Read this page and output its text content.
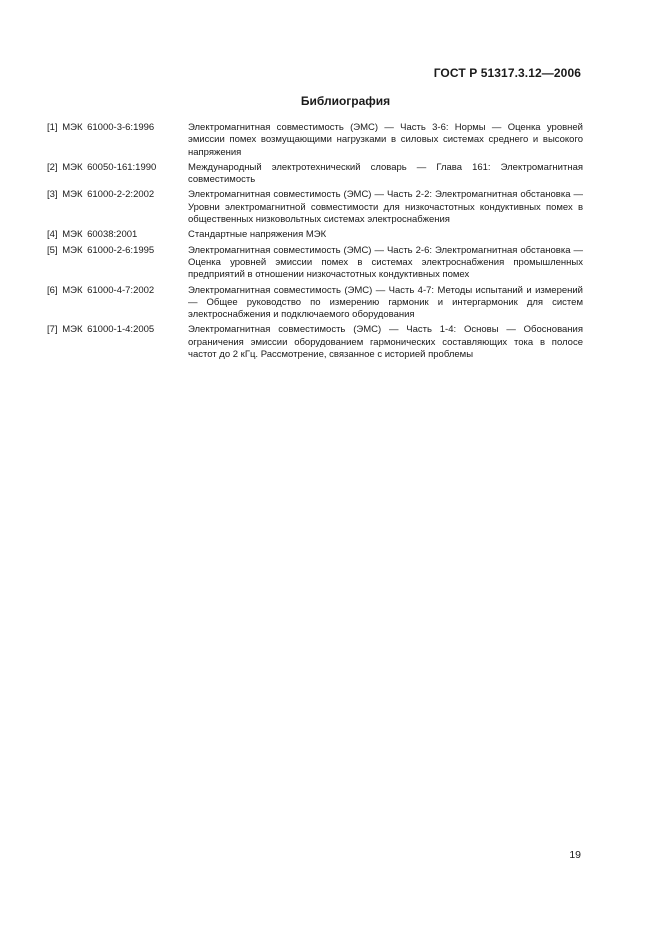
ГОСТ Р 51317.3.12—2006
Библиография
[1] МЭК 61000-3-6:1996	Электромагнитная совместимость (ЭМС) — Часть 3-6: Нормы — Оценка уровней эмиссии помех возмущающими нагрузками в силовых системах среднего и высокого напряжения
[2] МЭК 60050-161:1990	Международный электротехнический словарь — Глава 161: Электромагнитная совместимость
[3] МЭК 61000-2-2:2002	Электромагнитная совместимость (ЭМС) — Часть 2-2: Электромагнитная обстановка —Уровни электромагнитной совместимости для низкочастотных кондуктивных помех в общественных низковольтных системах электроснабжения
[4] МЭК 60038:2001	Стандартные напряжения МЭК
[5] МЭК 61000-2-6:1995	Электромагнитная совместимость (ЭМС) — Часть 2-6: Электромагнитная обстановка — Оценка уровней эмиссии помех в системах электроснабжения промышленных предприятий в отношении низкочастотных кондуктивных помех
[6] МЭК 61000-4-7:2002	Электромагнитная совместимость (ЭМС) — Часть 4-7: Методы испытаний и измерений — Общее руководство по измерению гармоник и интергармоник для систем электроснабжения и подключаемого оборудования
[7] МЭК 61000-1-4:2005	Электромагнитная совместимость (ЭМС) — Часть 1-4: Основы — Обоснования ограничения эмиссии оборудованием гармонических составляющих тока в полосе частот до 2 кГц. Рассмотрение, связанное с историей проблемы
19
